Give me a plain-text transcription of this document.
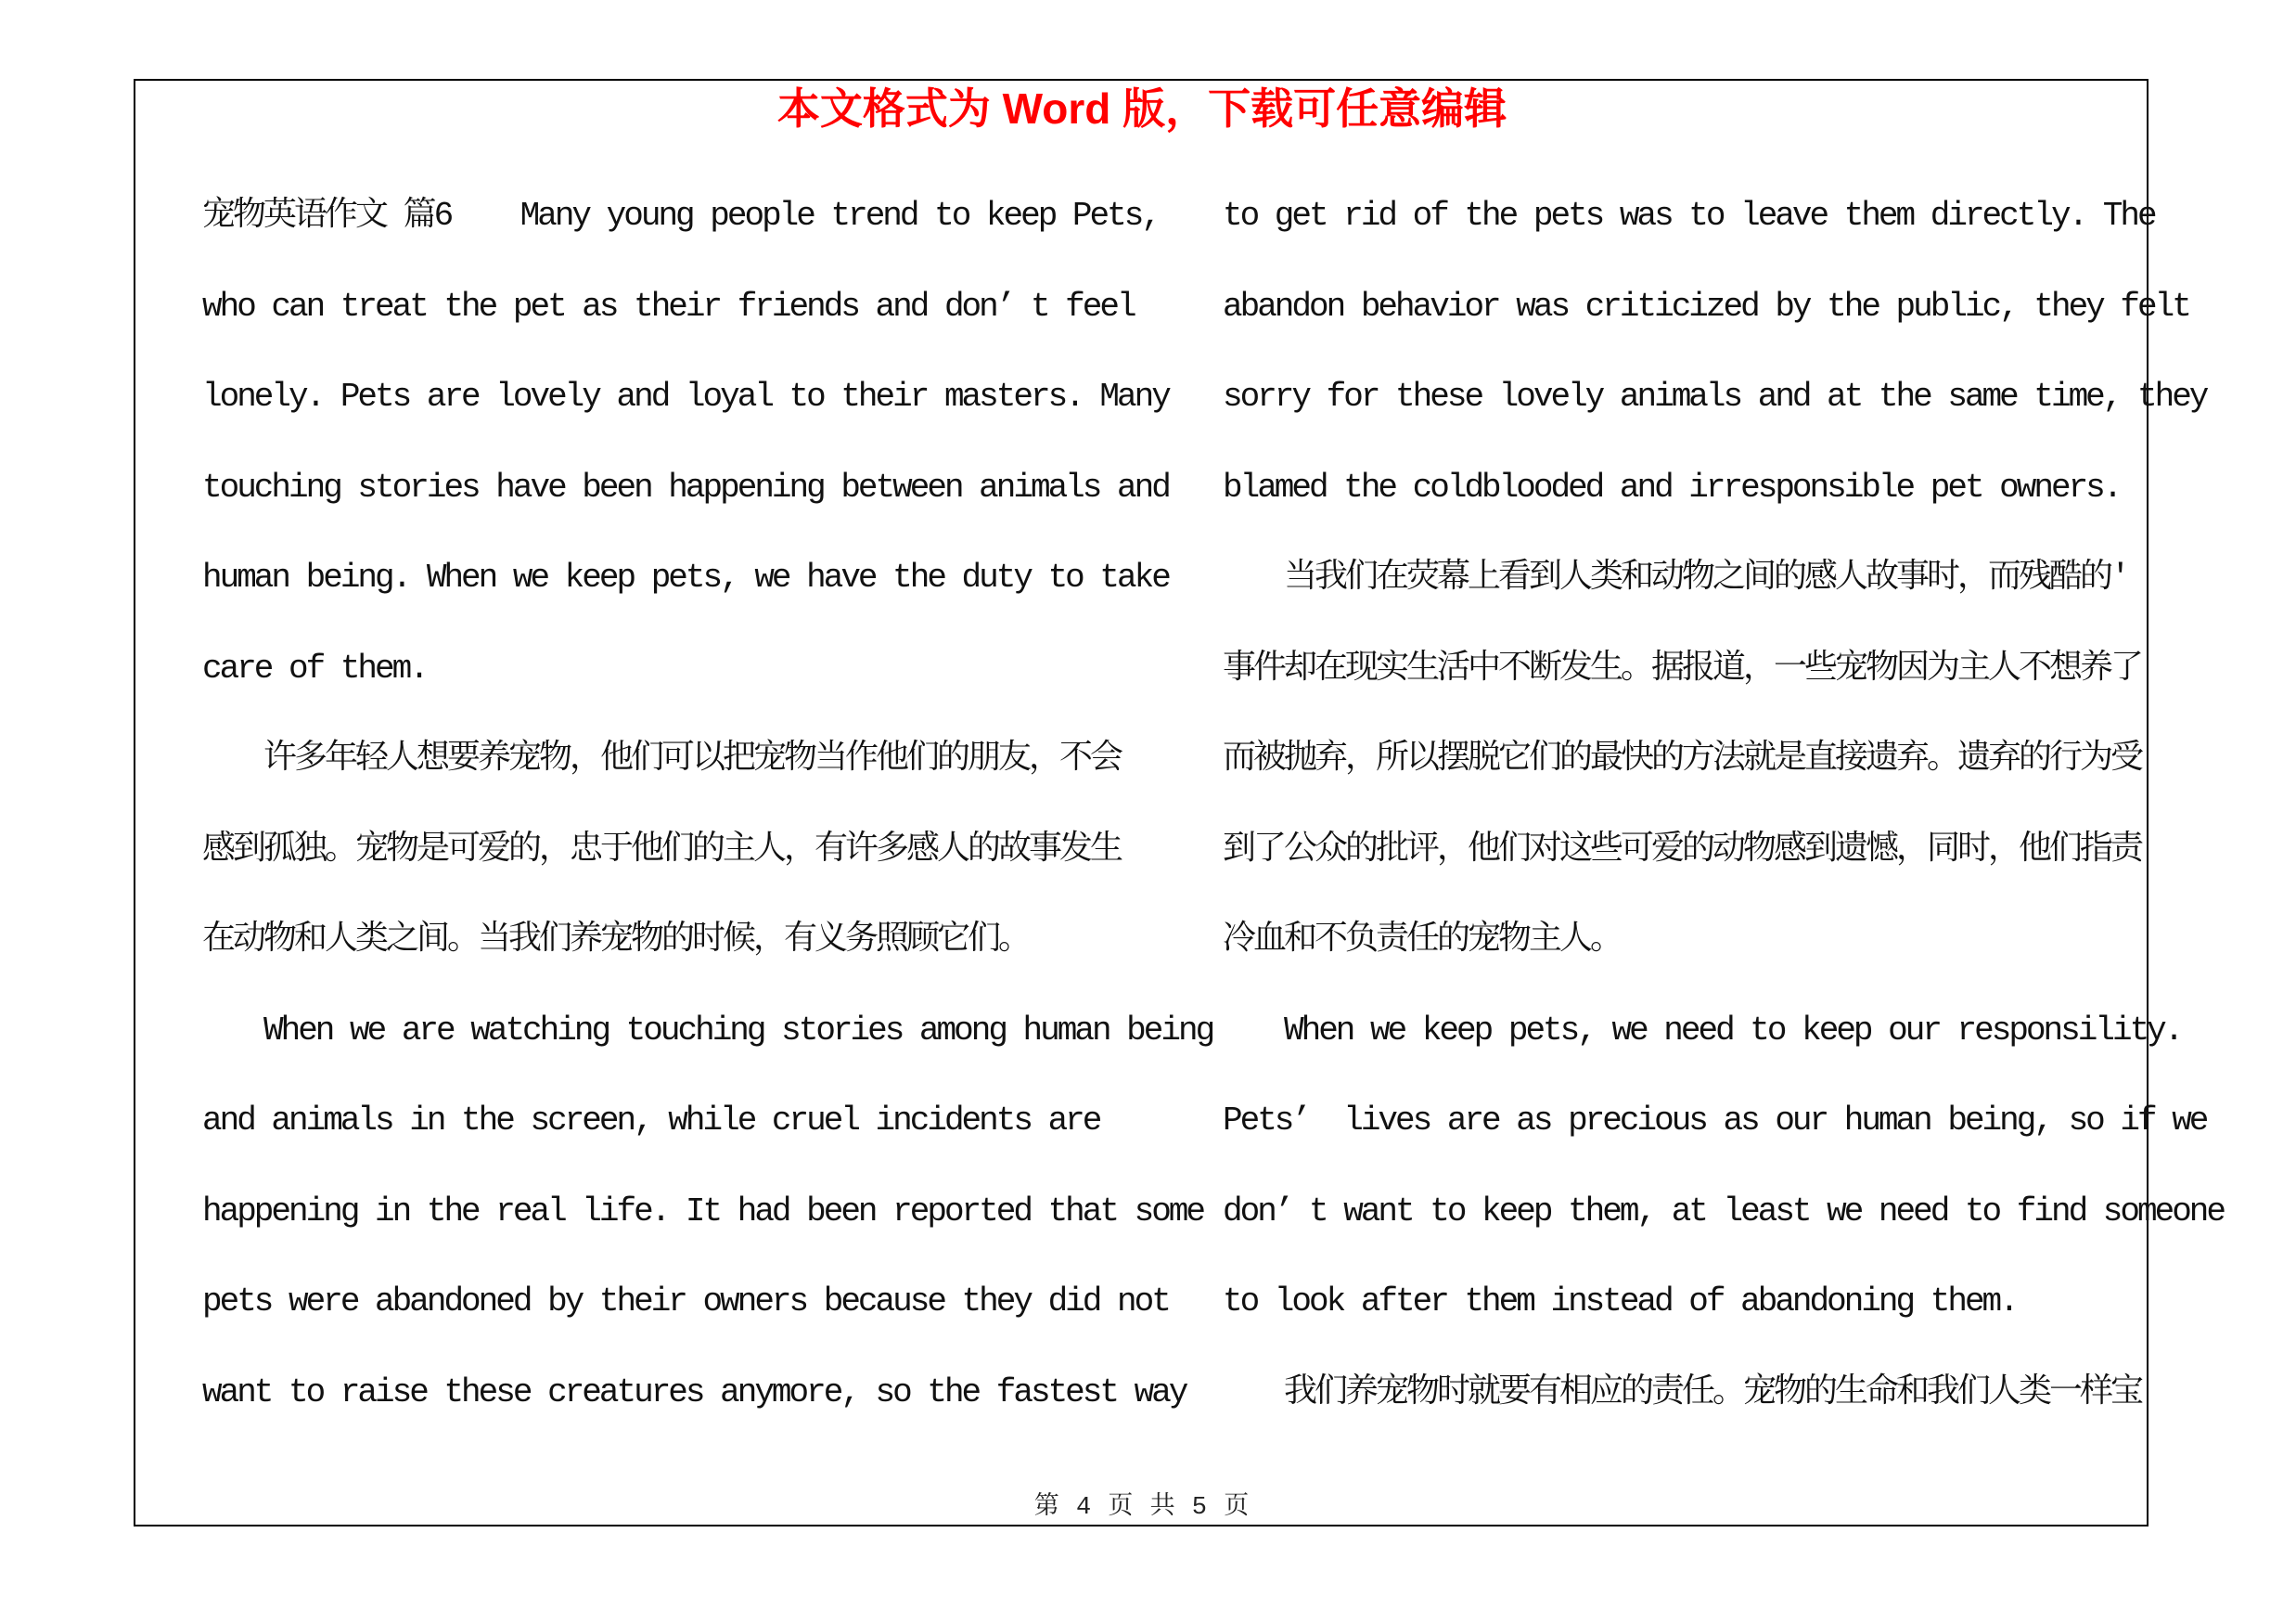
本文格式为 Word 版，下载可任意编辑
宠物英语作文 篇6    Many young people trend to keep Pets,
who can treat the pet as their friends and don’ t feel
lonely. Pets are lovely and loyal to their masters. Many
touching stories have been happening between animals and
human being. When we keep pets, we have the duty to take
care of them.
　　许多年轻人想要养宠物，他们可以把宠物当作他们的朋友，不会
感到孤独。宠物是可爱的，忠于他们的主人，有许多感人的故事发生
在动物和人类之间。当我们养宠物的时候，有义务照顾它们。
　　When we are watching touching stories among human being
and animals in the screen, while cruel incidents are
happening in the real life. It had been reported that some
pets were abandoned by their owners because they did not
want to raise these creatures anymore, so the fastest way
to get rid of the pets was to leave them directly. The
abandon behavior was criticized by the public, they felt
sorry for these lovely animals and at the same time, they
blamed the coldblooded and irresponsible pet owners.
　　当我们在荧幕上看到人类和动物之间的感人故事时，而残酷的'
事件却在现实生活中不断发生。据报道，一些宠物因为主人不想养了
而被抛弃，所以摆脱它们的最快的方法就是直接遗弃。遗弃的行为受
到了公众的批评，他们对这些可爱的动物感到遗憾，同时，他们指责
冷血和不负责任的宠物主人。
　　When we keep pets, we need to keep our responsility.
Pets’  lives are as precious as our human being, so if we
don’ t want to keep them, at least we need to find someone
to look after them instead of abandoning them.
　　我们养宠物时就要有相应的责任。宠物的生命和我们人类一样宝
第 4 页 共 5 页
